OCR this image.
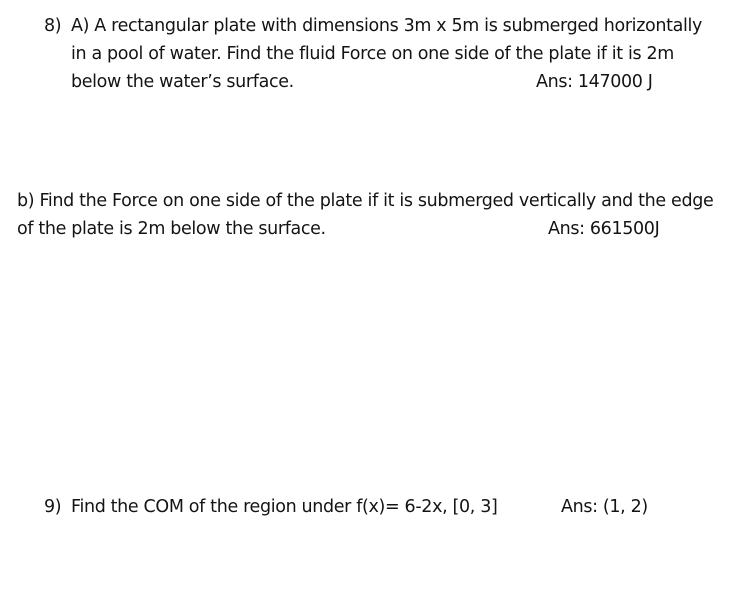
8) A) A rectangular plate with dimensions 3m x 5m is submerged horizontally
in a pool of water. Find the fluid Force on one side of the plate if it is 2m
below the water’s surface.	Ans: 147000 J
b) Find the Force on one side of the plate if it is submerged vertically and the edge
of the plate is 2m below the surface.	Ans: 661500J
9) Find the COM of the region under f(x)= 6-2x, [0, 3]	Ans: (1, 2)
